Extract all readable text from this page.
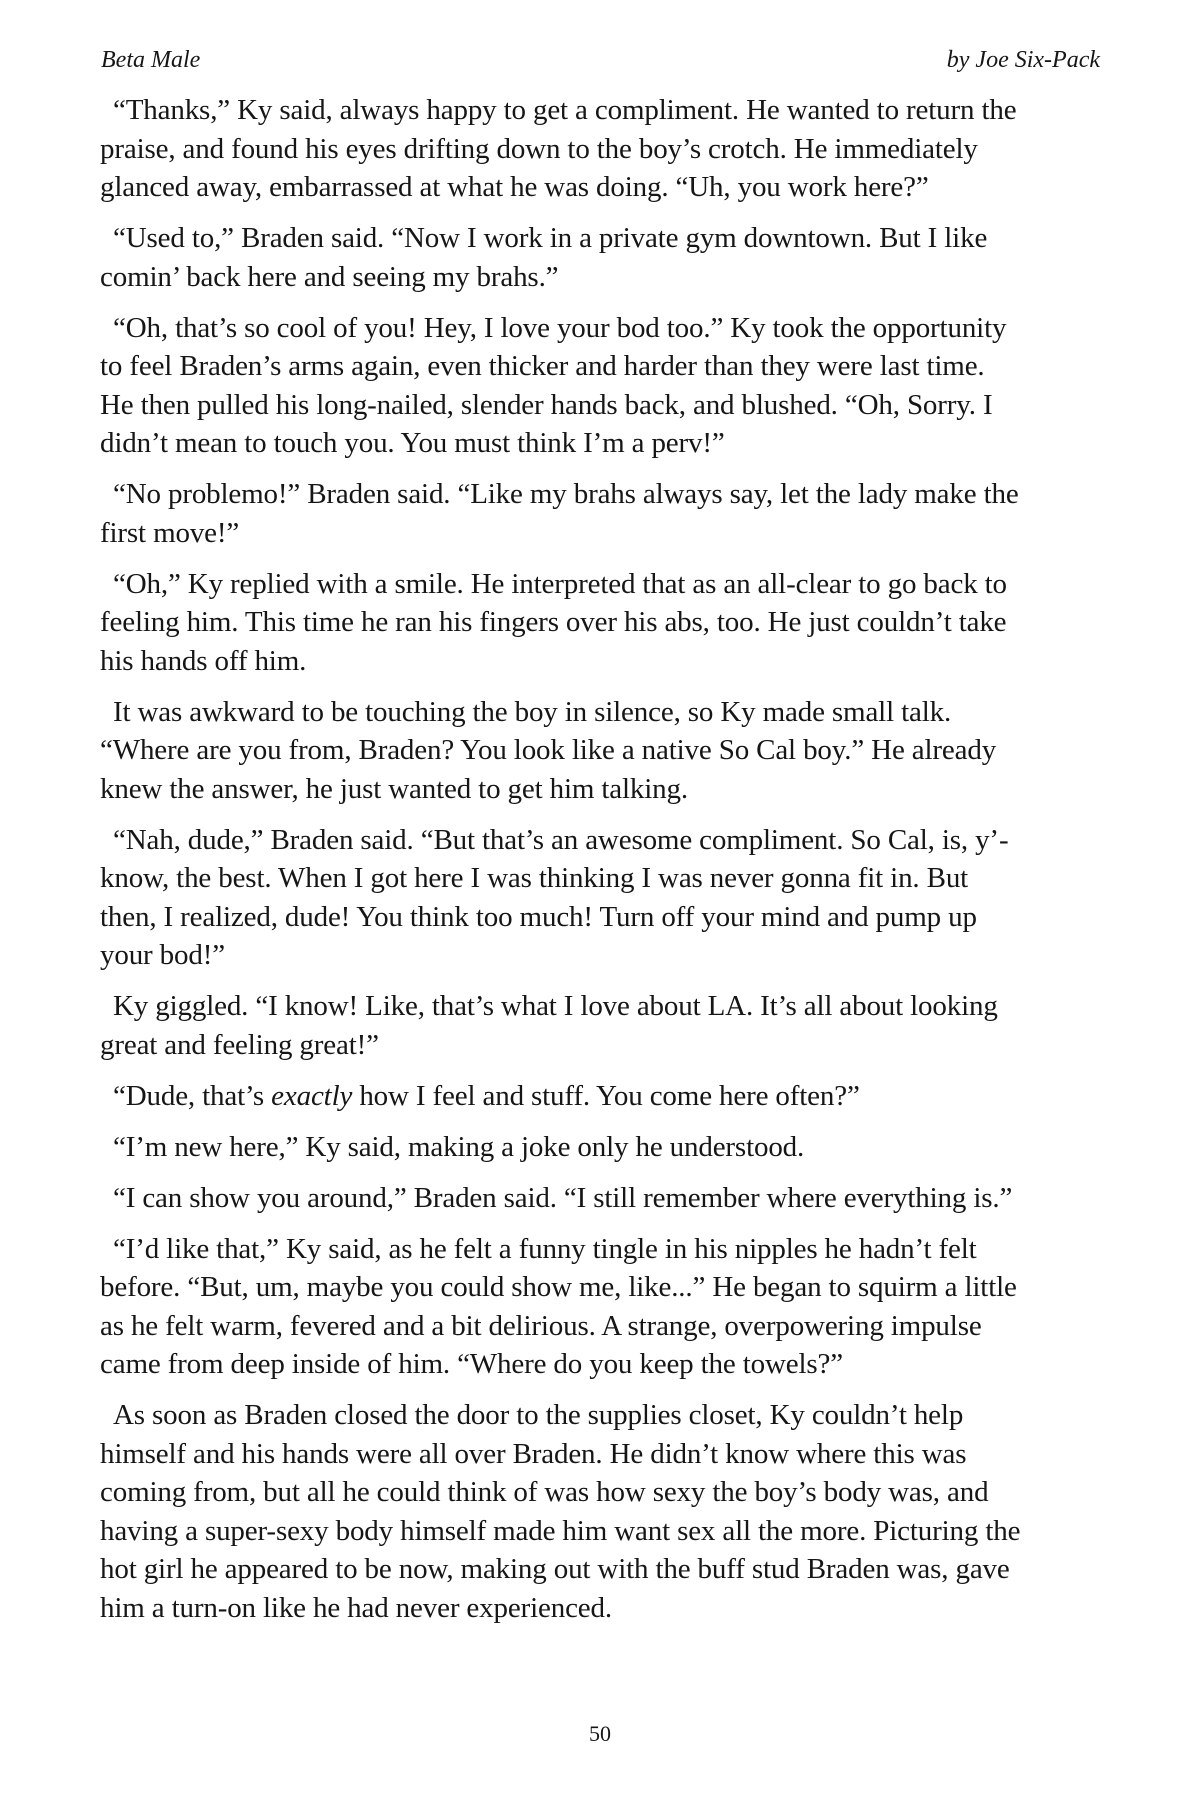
Beta Male	by Joe Six-Pack
“Thanks,” Ky said, always happy to get a compliment. He wanted to return the
praise, and found his eyes drifting down to the boy’s crotch. He immediately
glanced away, embarrassed at what he was doing. “Uh, you work here?”
“Used to,” Braden said. “Now I work in a private gym downtown. But I like
comin’ back here and seeing my brahs.”
“Oh, that’s so cool of you! Hey, I love your bod too.” Ky took the opportunity
to feel Braden’s arms again, even thicker and harder than they were last time.
He then pulled his long-nailed, slender hands back, and blushed. “Oh, Sorry. I
didn’t mean to touch you. You must think I’m a perv!”
“No problemo!” Braden said. “Like my brahs always say, let the lady make the
first move!”
“Oh,” Ky replied with a smile. He interpreted that as an all-clear to go back to
feeling him. This time he ran his fingers over his abs, too. He just couldn’t take
his hands off him.
It was awkward to be touching the boy in silence, so Ky made small talk.
“Where are you from, Braden? You look like a native So Cal boy.” He already
knew the answer, he just wanted to get him talking.
“Nah, dude,” Braden said. “But that’s an awesome compliment. So Cal, is, y’-
know, the best. When I got here I was thinking I was never gonna fit in. But
then, I realized, dude! You think too much! Turn off your mind and pump up
your bod!”
Ky giggled. “I know! Like, that’s what I love about LA. It’s all about looking
great and feeling great!”
“Dude, that’s exactly how I feel and stuff. You come here often?”
“I’m new here,” Ky said, making a joke only he understood.
“I can show you around,” Braden said. “I still remember where everything is.”
“I’d like that,” Ky said, as he felt a funny tingle in his nipples he hadn’t felt
before. “But, um, maybe you could show me, like...” He began to squirm a little
as he felt warm, fevered and a bit delirious. A strange, overpowering impulse
came from deep inside of him. “Where do you keep the towels?”
As soon as Braden closed the door to the supplies closet, Ky couldn’t help
himself and his hands were all over Braden. He didn’t know where this was
coming from, but all he could think of was how sexy the boy’s body was, and
having a super-sexy body himself made him want sex all the more. Picturing the
hot girl he appeared to be now, making out with the buff stud Braden was, gave
him a turn-on like he had never experienced.
50
